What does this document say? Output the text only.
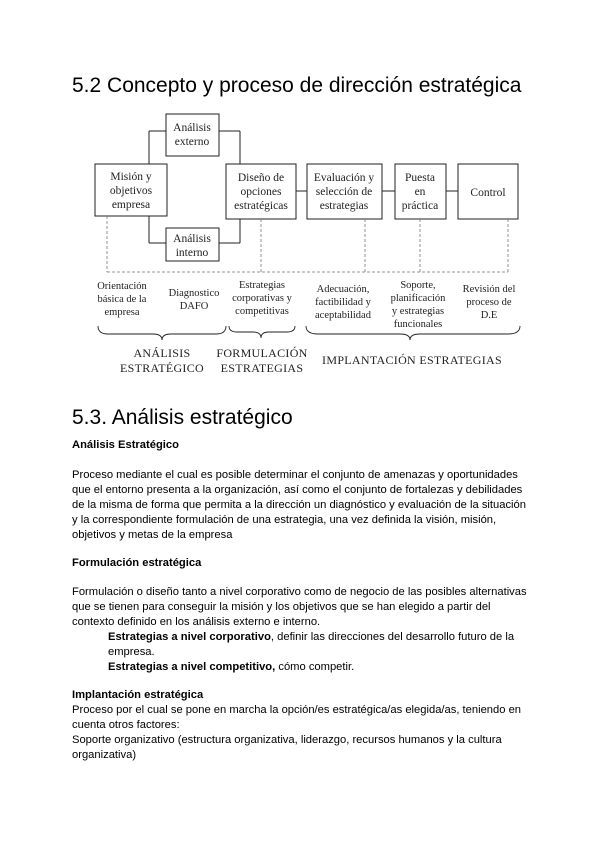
5.2 Concepto y proceso de dirección estratégica
Misión y
objetivos
empresa
Análisis
externo
Análisis
interno
Diseño de
opciones
estratégicas
Evaluación y
selección de
estrategias
Puesta
en
práctica
Control
Orientación
básica de la
empresa
Diagnostico
DAFO
Estrategias
corporativas y
competitivas
Adecuación,
factibilidad y
aceptabilidad
Soporte,
planificación
y estrategias
funcionales
Revisión del
proceso de
D.E
ANÁLISIS
ESTRATÉGICO
FORMULACIÓN
ESTRATEGIAS
IMPLANTACIÓN ESTRATEGIAS
5.3. Análisis estratégico

Análisis Estratégico

Proceso mediante el cual es posible determinar el conjunto de amenazas y oportunidades

que el entorno presenta a la organización, así como el conjunto de fortalezas y debilidades

de la misma de forma que permita a la dirección un diagnóstico y evaluación de la situación

y la correspondiente formulación de una estrategia, una vez definida la visión, misión,

objetivos y metas de la empresa

Formulación estratégica

Formulación o diseño tanto a nivel corporativo como de negocio de las posibles alternativas

que se tienen para conseguir la misión y los objetivos que se han elegido a partir del

contexto definido en los análisis externo e interno.

Estrategias a nivel corporativo, definir las direcciones del desarrollo futuro de la

empresa.

Estrategias a nivel competitivo, cómo competir.

Implantación estratégica

Proceso por el cual se pone en marcha la opción/es estratégica/as elegida/as, teniendo en

cuenta otros factores:

Soporte organizativo (estructura organizativa, liderazgo, recursos humanos y la cultura

organizativa)
